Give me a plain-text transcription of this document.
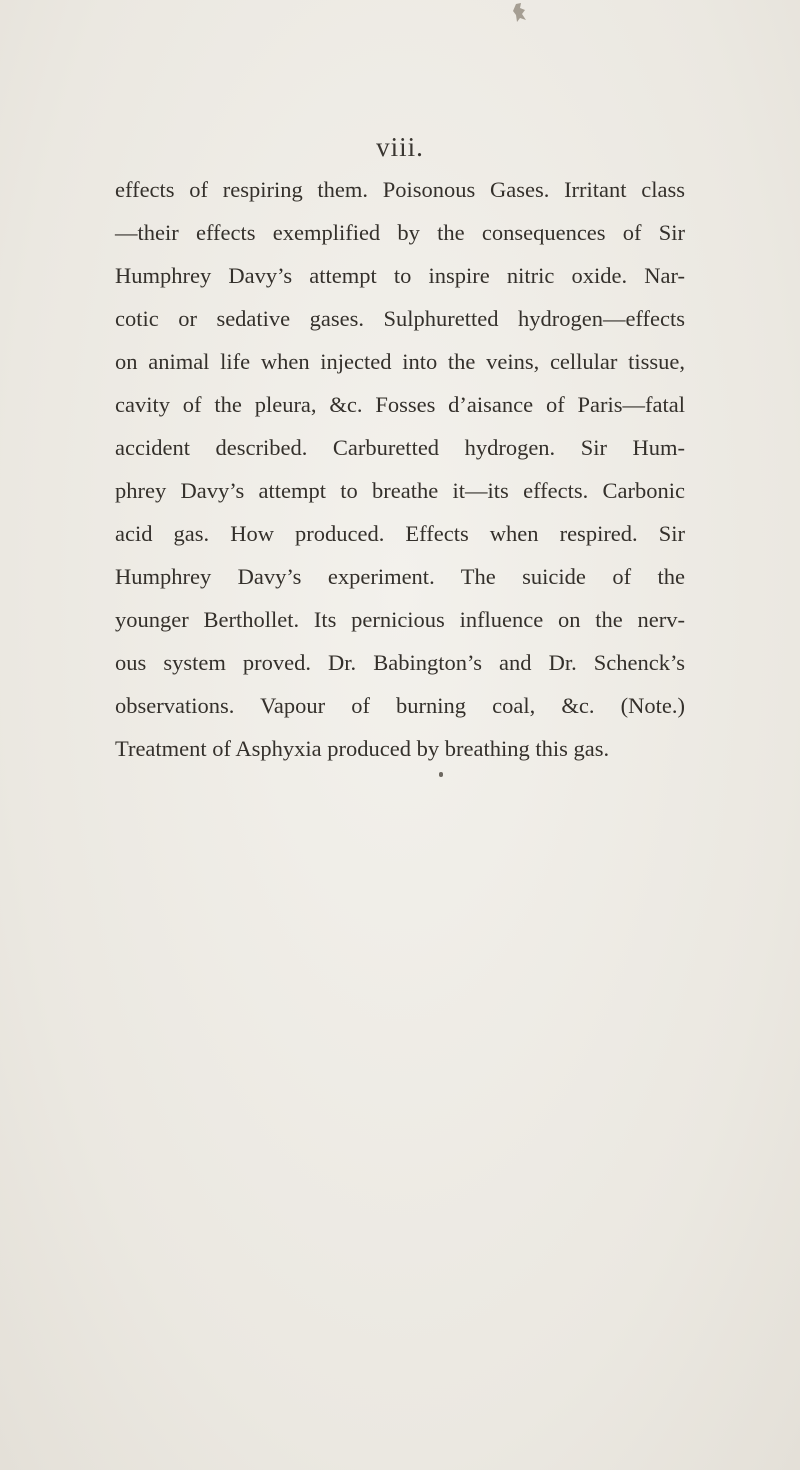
viii.
effects of respiring them. Poisonous Gases. Irritant class
—their effects exemplified by the consequences of Sir
Humphrey Davy’s attempt to inspire nitric oxide. Nar-
cotic or sedative gases. Sulphuretted hydrogen—effects
on animal life when injected into the veins, cellular tissue,
cavity of the pleura, &c. Fosses d’aisance of Paris—fatal
accident described. Carburetted hydrogen. Sir Hum-
phrey Davy’s attempt to breathe it—its effects. Carbonic
acid gas. How produced. Effects when respired. Sir
Humphrey Davy’s experiment. The suicide of the
younger Berthollet. Its pernicious influence on the nerv-
ous system proved. Dr. Babington’s and Dr. Schenck’s
observations. Vapour of burning coal, &c. (Note.)
Treatment of Asphyxia produced by breathing this gas.
